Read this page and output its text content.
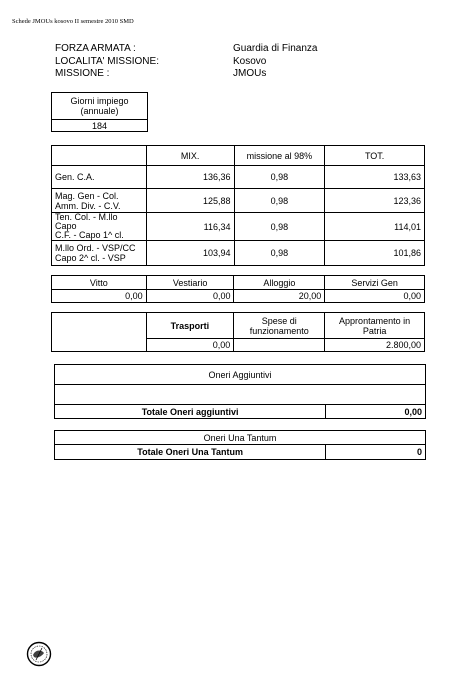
Schede JMOUs kosovo II semestre 2010 SMD
FORZA ARMATA :	Guardia di Finanza
LOCALITA' MISSIONE:	Kosovo
MISSIONE :	JMOUs
Giorni impiego
(annuale)
184
	MIX.	missione al 98%	TOT.
Gen. C.A.	136,36	0,98	133,63
Mag. Gen - Col.
Amm. Div. - C.V.	125,88	0,98	123,36
Ten. Col. - M.llo
Capo
C.F. - Capo 1^ cl.	116,34	0,98	114,01
M.llo Ord. - VSP/CC
Capo 2^ cl. - VSP	103,94	0,98	101,86
Vitto	Vestiario	Alloggio	Servizi Gen
0,00	0,00	20,00	0,00
	Trasporti	Spese di funzionamento	Approntamento in Patria
	0,00		2.800,00
Oneri Aggiuntivi

Totale Oneri aggiuntivi	0,00
Oneri Una Tantum
Totale Oneri Una Tantum	0
